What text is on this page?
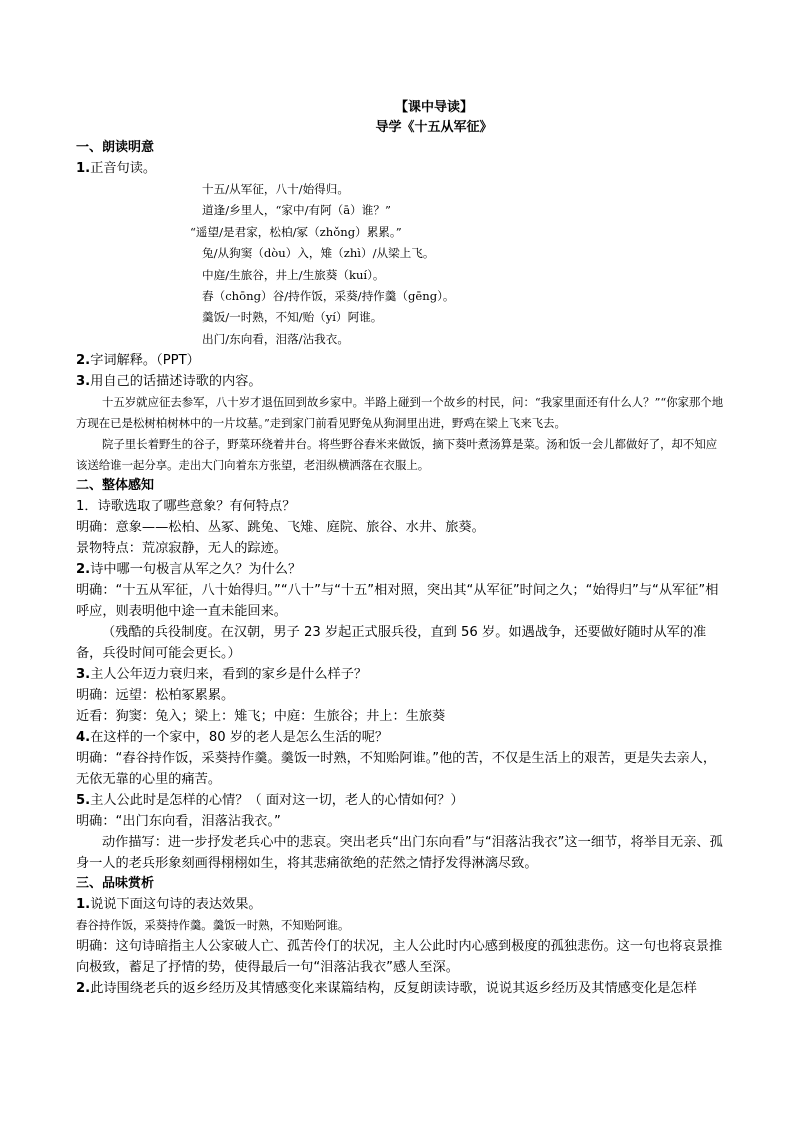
【课中导读】
导学《十五从军征》
一、朗读明意
1.正音句读。
十五/从军征，八十/始得归。
道逢/乡里人，“家中/有阿（ā）谁？”
“遥望/是君家，松柏/冢（zhǒng）累累。”
兔/从狗窦（dòu）入，雉（zhì）/从梁上飞。
中庭/生旅谷，井上/生旅葵（kuí）。
舂（chōng）谷/持作饭，采葵/持作羹（gēng）。
羹饭/一时熟，不知/贻（yí）阿谁。
出门/东向看，泪落/沾我衣。
2.字词解释。（PPT）
3.用自己的话描述诗歌的内容。
十五岁就应征去参军，八十岁才退伍回到故乡家中。半路上碰到一个故乡的村民，问：“我家里面还有什么人？”“你家那个地方现在已是松树柏树林中的一片坟墓。”走到家门前看见野兔从狗洞里出进，野鸡在梁上飞来飞去。
院子里长着野生的谷子，野菜环绕着井台。将些野谷舂米来做饭，摘下葵叶煮汤算是菜。汤和饭一会儿都做好了，却不知应该送给谁一起分享。走出大门向着东方张望，老泪纵横洒落在衣服上。
二、整体感知
1．诗歌选取了哪些意象？有何特点？
明确：意象——松柏、丛冢、跳兔、飞雉、庭院、旅谷、水井、旅葵。
景物特点：荒凉寂静，无人的踪迹。
2.诗中哪一句极言从军之久？为什么？
明确：“十五从军征，八十始得归。”“八十”与“十五”相对照，突出其“从军征”时间之久；“始得归”与“从军征”相呼应，则表明他中途一直未能回来。
（残酷的兵役制度。在汉朝，男子 23 岁起正式服兵役，直到 56 岁。如遇战争，还要做好随时从军的准备，兵役时间可能会更长。）
3.主人公年迈力衰归来，看到的家乡是什么样子？
明确：远望：松柏冢累累。
近看：狗窦：兔入；梁上：雉飞；中庭：生旅谷；井上：生旅葵
4.在这样的一个家中，80 岁的老人是怎么生活的呢？
明确：“舂谷持作饭，采葵持作羹。羹饭一时熟，不知贻阿谁。”他的苦，不仅是生活上的艰苦，更是失去亲人，无依无靠的心里的痛苦。
5.主人公此时是怎样的心情？（ 面对这一切，老人的心情如何？）
明确：“出门东向看，泪落沾我衣。”
动作描写：进一步抒发老兵心中的悲哀。突出老兵“出门东向看”与“泪落沾我衣”这一细节，将举目无亲、孤身一人的老兵形象刻画得栩栩如生，将其悲痛欲绝的茫然之情抒发得淋漓尽致。
三、品味赏析
1.说说下面这句诗的表达效果。
舂谷持作饭，采葵持作羹。羹饭一时熟，不知贻阿谁。
明确：这句诗暗指主人公家破人亡、孤苦伶仃的状况，主人公此时内心感到极度的孤独悲伤。这一句也将哀景推向极致，蓄足了抒情的势，使得最后一句“泪落沾我衣”感人至深。
2.此诗围绕老兵的返乡经历及其情感变化来谋篇结构，反复朗读诗歌，说说其返乡经历及其情感变化是怎样
